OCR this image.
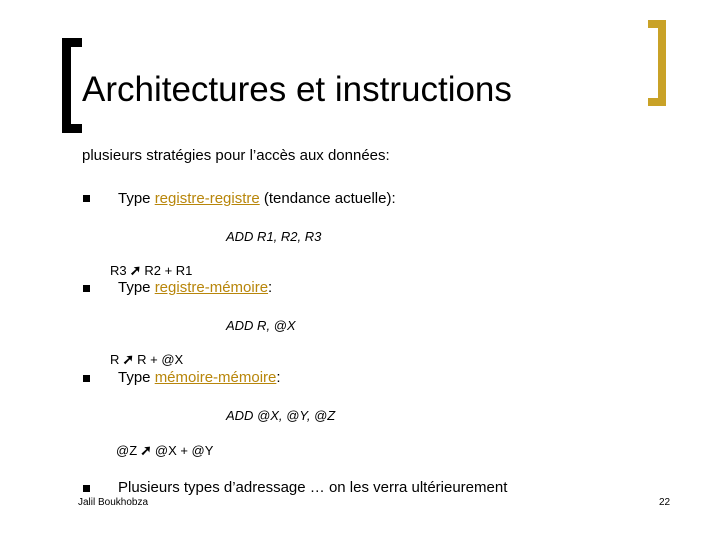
Architectures et instructions
plusieurs stratégies pour l’accès aux données:
Type registre-registre (tendance actuelle):
ADD R1, R2, R3
R3 ➚ R2 + R1
Type registre-mémoire:
ADD R, @X
R ➚ R + @X
Type mémoire-mémoire:
ADD @X, @Y, @Z
@Z ➚ @X + @Y
Plusieurs types d’adressage … on les verra ultérieurement
Jalil Boukhobza	22
